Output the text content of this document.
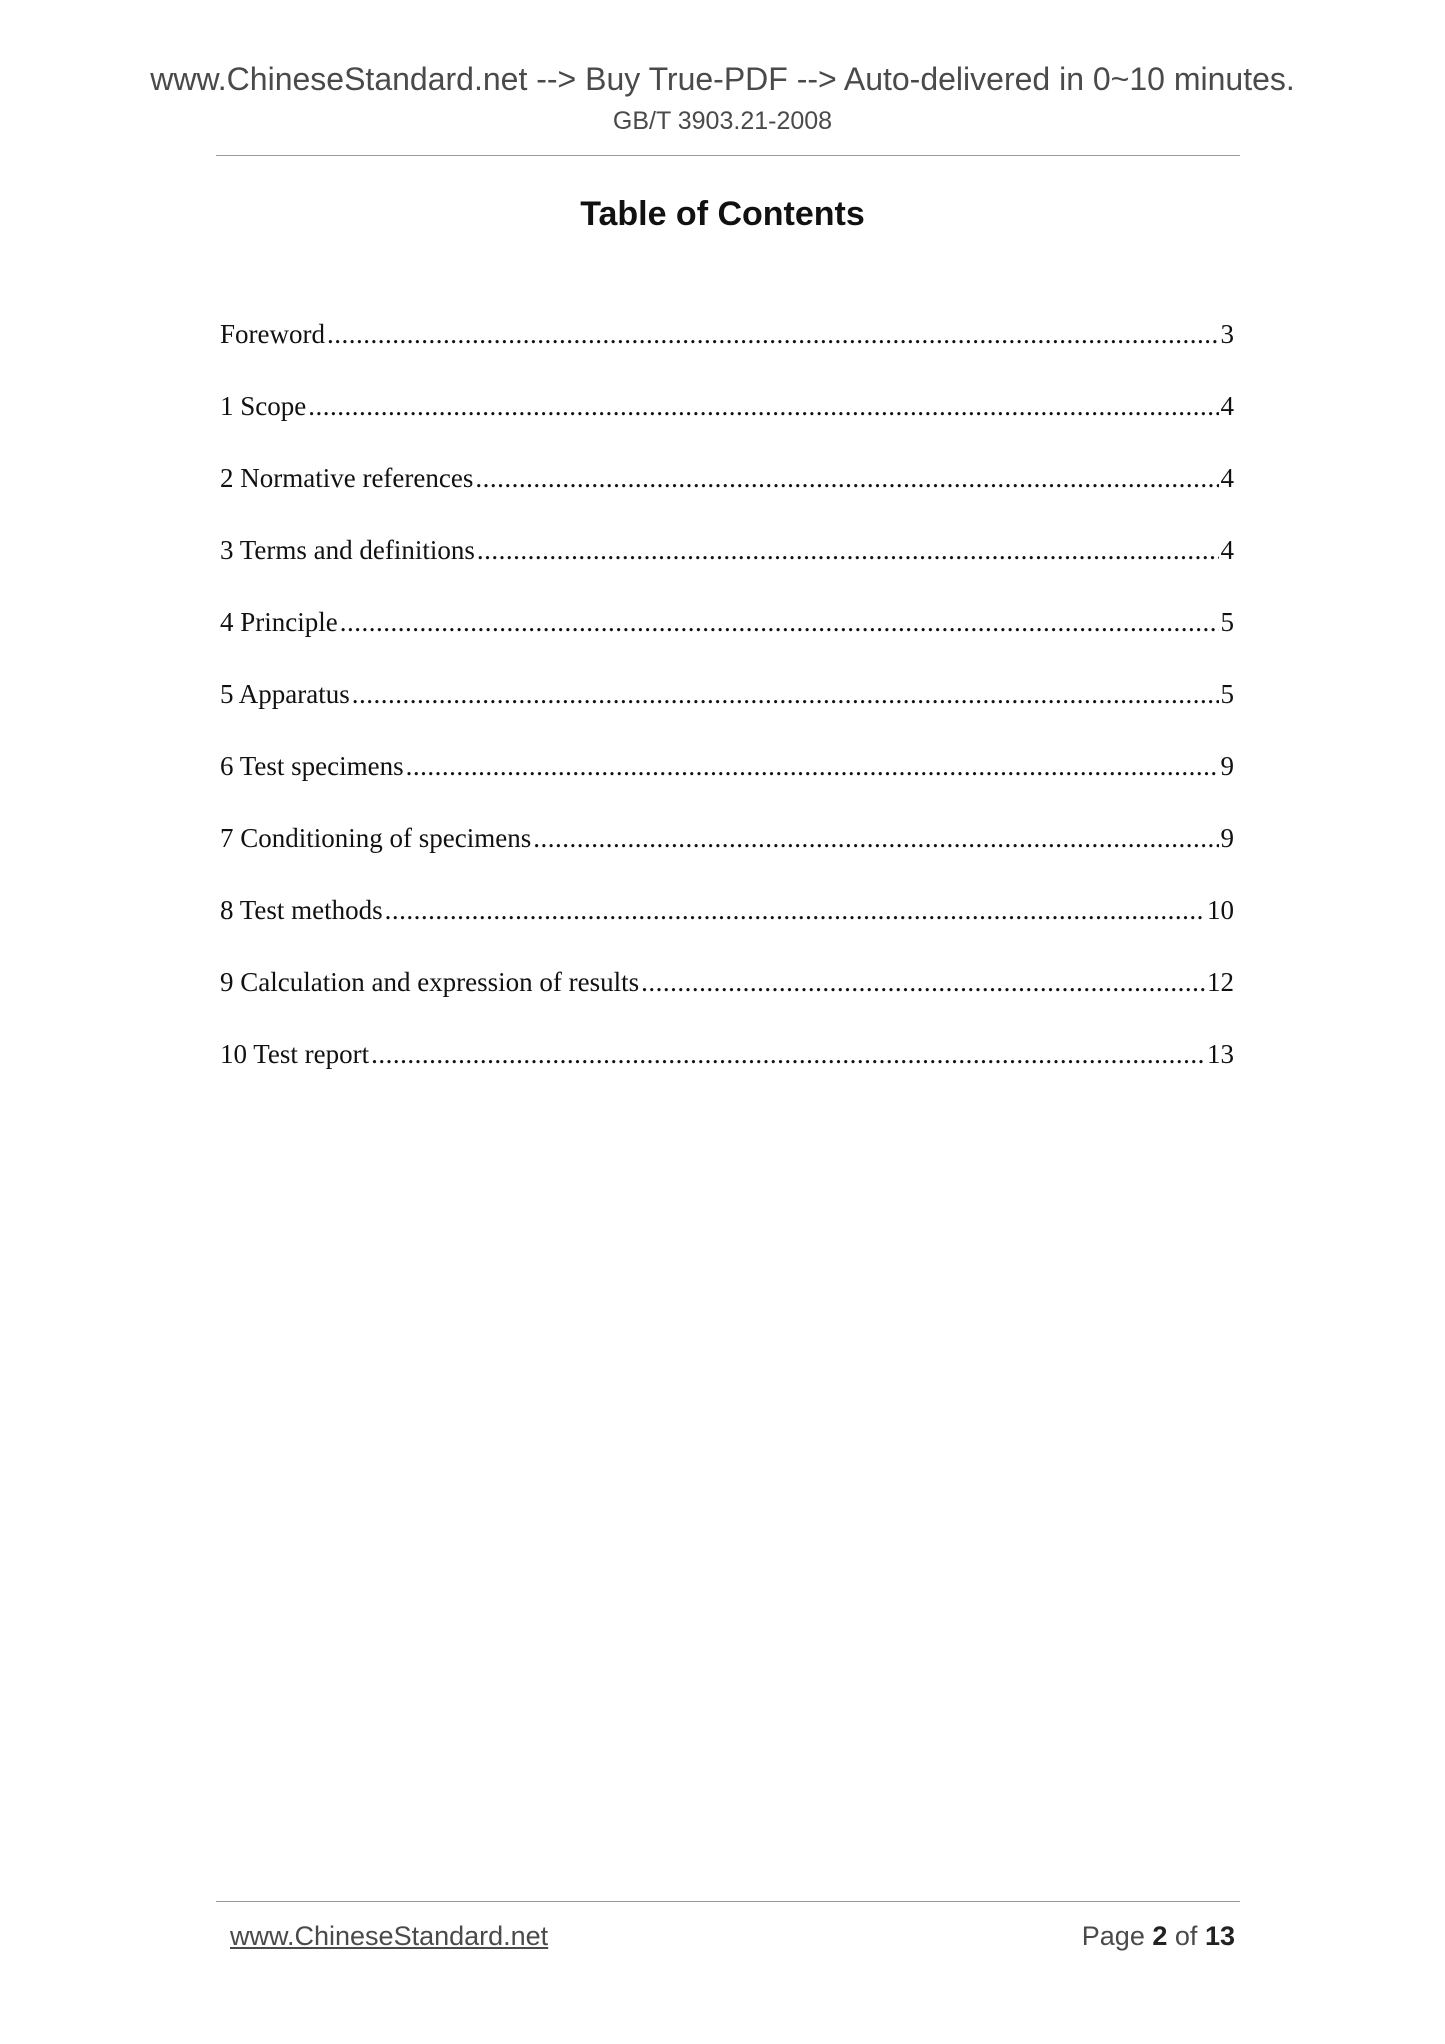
www.ChineseStandard.net --> Buy True-PDF --> Auto-delivered in 0~10 minutes.
GB/T 3903.21-2008
Table of Contents
Foreword .....	3
1 Scope .....	4
2 Normative references .....	4
3 Terms and definitions .....	4
4 Principle .....	5
5 Apparatus .....	5
6 Test specimens .....	9
7 Conditioning of specimens .....	9
8 Test methods .....	10
9 Calculation and expression of results .....	12
10 Test report .....	13
www.ChineseStandard.net	Page 2 of 13
